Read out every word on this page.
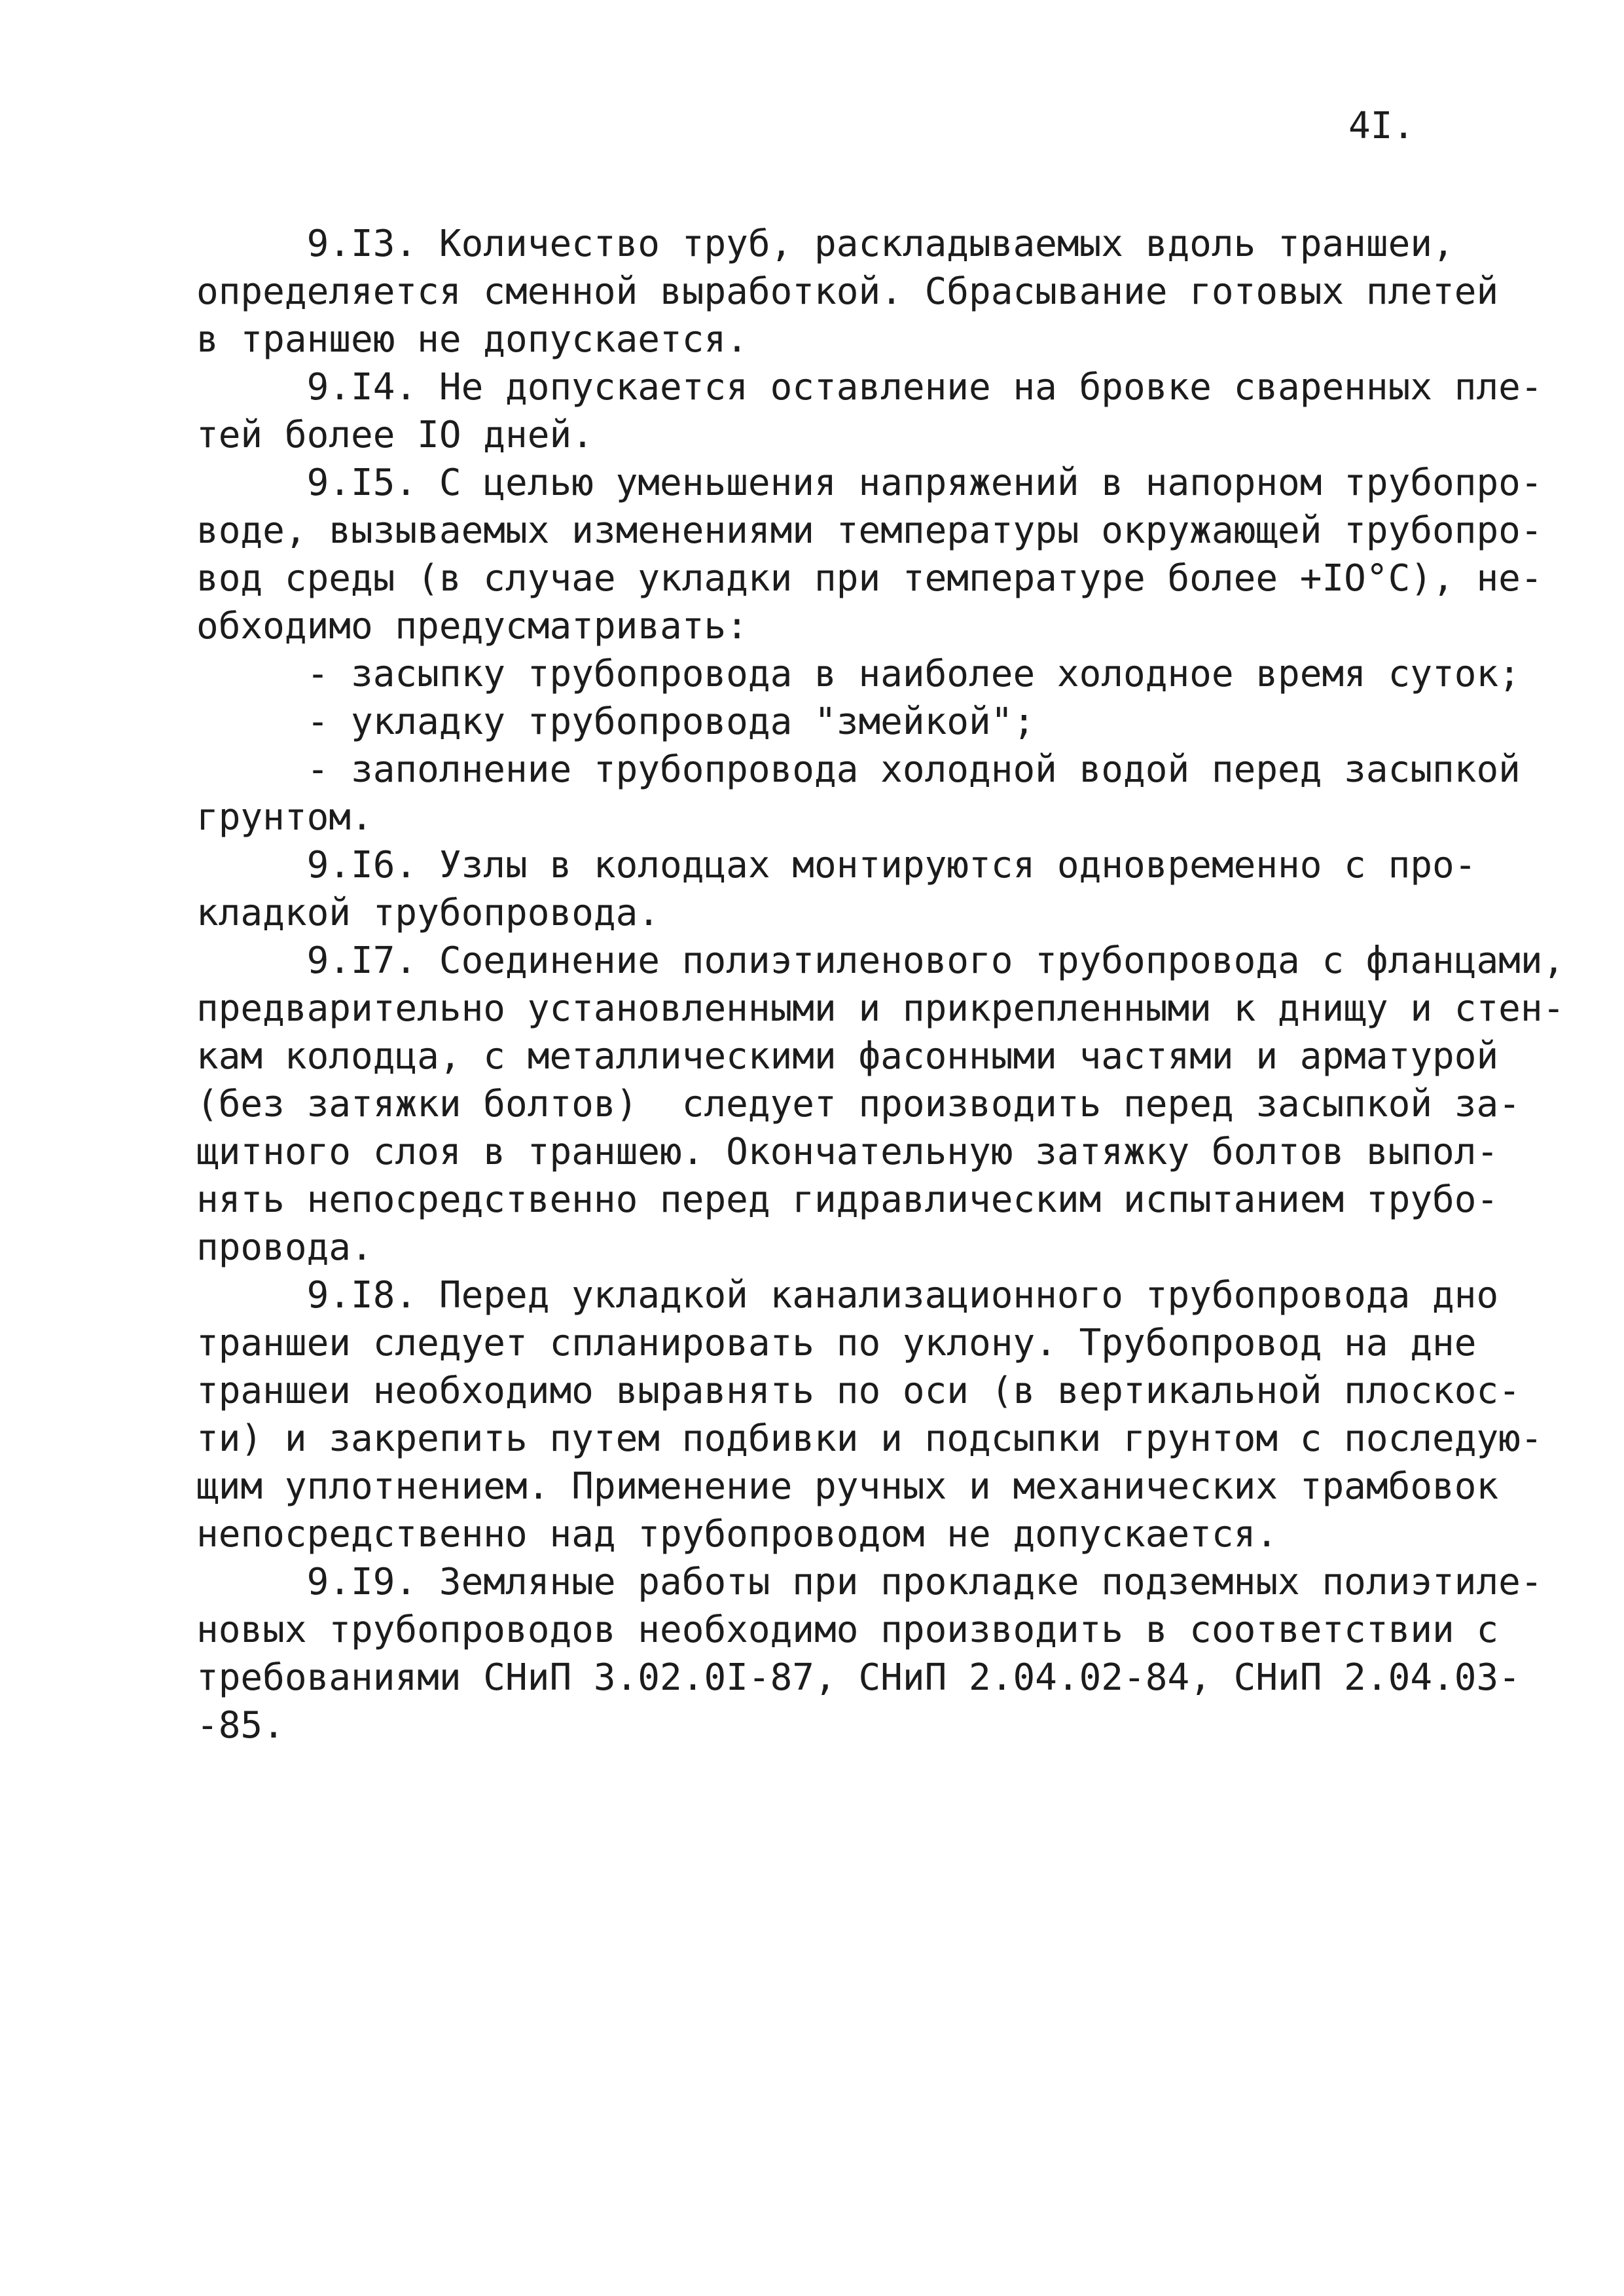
4I.
9.I3. Количество труб, раскладываемых вдоль траншеи,
определяется сменной выработкой. Сбрасывание готовых плетей
в траншею не допускается.
9.I4. Не допускается оставление на бровке сваренных пле-
тей более IO дней.
9.I5. С целью уменьшения напряжений в напорном трубопро-
воде, вызываемых изменениями температуры окружающей трубопро-
вод среды (в случае укладки при температуре более +IO°С), не-
обходимо предусматривать:
- засыпку трубопровода в наиболее холодное время суток;
- укладку трубопровода "змейкой";
- заполнение трубопровода холодной водой перед засыпкой
грунтом.
9.I6. Узлы в колодцах монтируются одновременно с про-
кладкой трубопровода.
9.I7. Соединение полиэтиленового трубопровода с фланцами,
предварительно установленными и прикрепленными к днищу и стен-
кам колодца, с металлическими фасонными частями и арматурой
(без затяжки болтов)  следует производить перед засыпкой за-
щитного слоя в траншею. Окончательную затяжку болтов выпол-
нять непосредственно перед гидравлическим испытанием трубо-
провода.
9.I8. Перед укладкой канализационного трубопровода дно
траншеи следует спланировать по уклону. Трубопровод на дне
траншеи необходимо выравнять по оси (в вертикальной плоскос-
ти) и закрепить путем подбивки и подсыпки грунтом с последую-
щим уплотнением. Применение ручных и механических трамбовок
непосредственно над трубопроводом не допускается.
9.I9. Земляные работы при прокладке подземных полиэтиле-
новых трубопроводов необходимо производить в соответствии с
требованиями СНиП 3.02.0I-87, СНиП 2.04.02-84, СНиП 2.04.03-
-85.
